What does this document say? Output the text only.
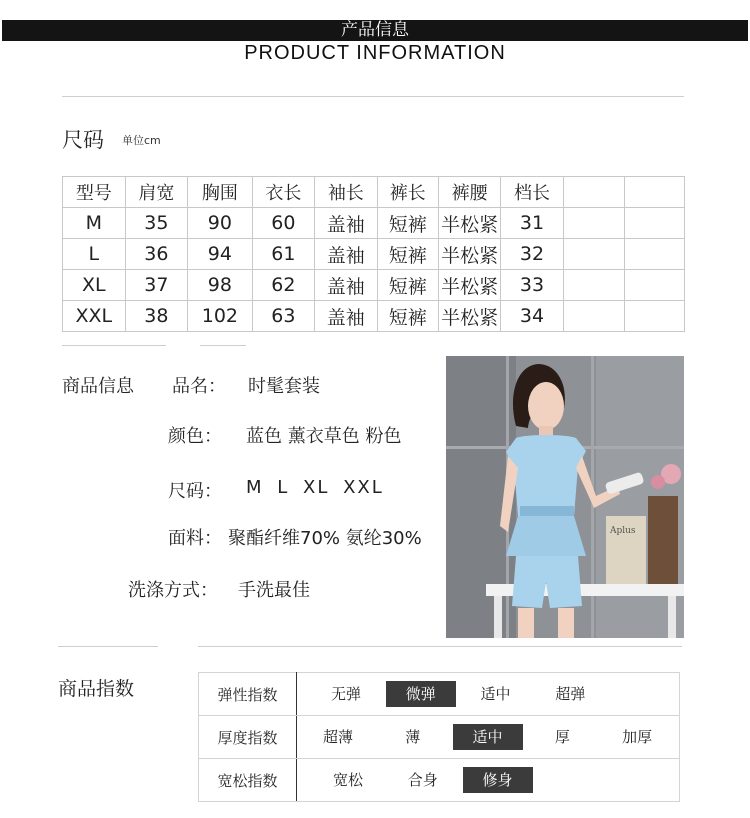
产品信息
PRODUCT INFORMATION
尺码 单位cm
型号	肩宽	胸围	衣长	袖长	裤长	裤腰	档长		
M	35	90	60	盖袖	短裤	半松紧	31		
L	36	94	61	盖袖	短裤	半松紧	32		
XL	37	98	62	盖袖	短裤	半松紧	33		
XXL	38	102	63	盖袖	短裤	半松紧	34		
商品信息 品名： 时髦套装
颜色： 蓝色 薰衣草色 粉色
尺码： M L XL XXL
面料： 聚酯纤维70% 氨纶30%
洗涤方式： 手洗最佳
Aplus
商品指数	弹性指数	无弹 微弹 适中 超弹
厚度指数	超薄 薄 适中 厚 加厚
宽松指数	宽松 合身 修身
